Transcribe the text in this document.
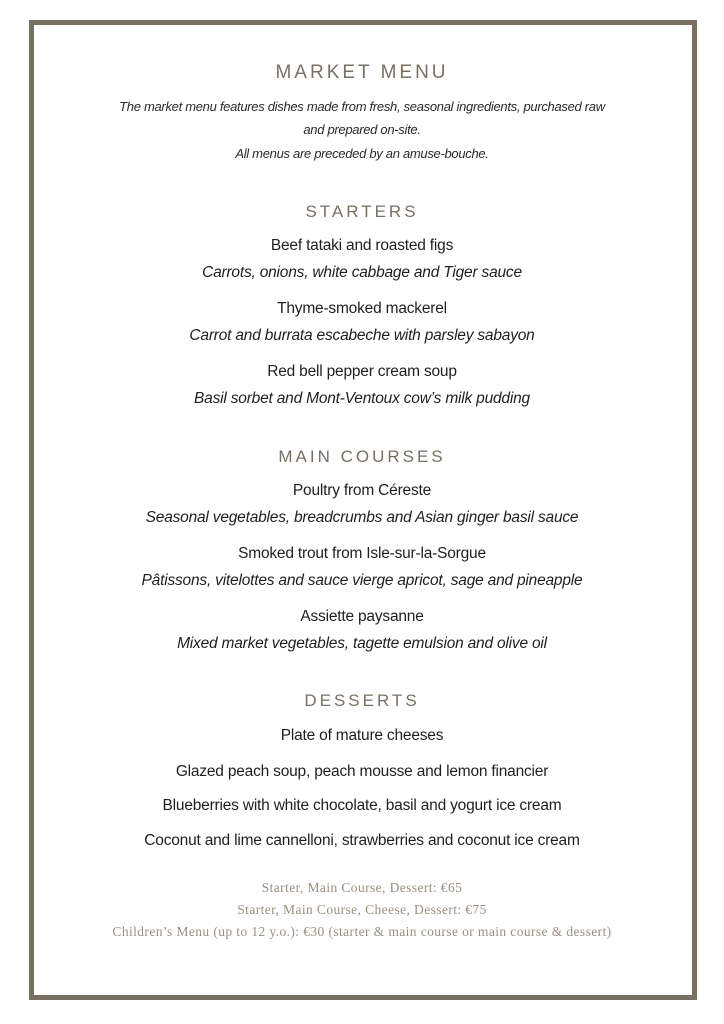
MARKET MENU
The market menu features dishes made from fresh, seasonal ingredients, purchased raw
and prepared on-site.
All menus are preceded by an amuse-bouche.
STARTERS
Beef tataki and roasted figs
Carrots, onions, white cabbage and Tiger sauce
Thyme-smoked mackerel
Carrot and burrata escabeche with parsley sabayon
Red bell pepper cream soup
Basil sorbet and Mont-Ventoux cow’s milk pudding
MAIN COURSES
Poultry from Céreste
Seasonal vegetables, breadcrumbs and Asian ginger basil sauce
Smoked trout from Isle-sur-la-Sorgue
Pâtissons, vitelottes and sauce vierge apricot, sage and pineapple
Assiette paysanne
Mixed market vegetables, tagette emulsion and olive oil
DESSERTS
Plate of mature cheeses
Glazed peach soup, peach mousse and lemon financier
Blueberries with white chocolate, basil and yogurt ice cream
Coconut and lime cannelloni, strawberries and coconut ice cream
Starter, Main Course, Dessert: €65
Starter, Main Course, Cheese, Dessert: €75
Children’s Menu (up to 12 y.o.): €30 (starter & main course or main course & dessert)
